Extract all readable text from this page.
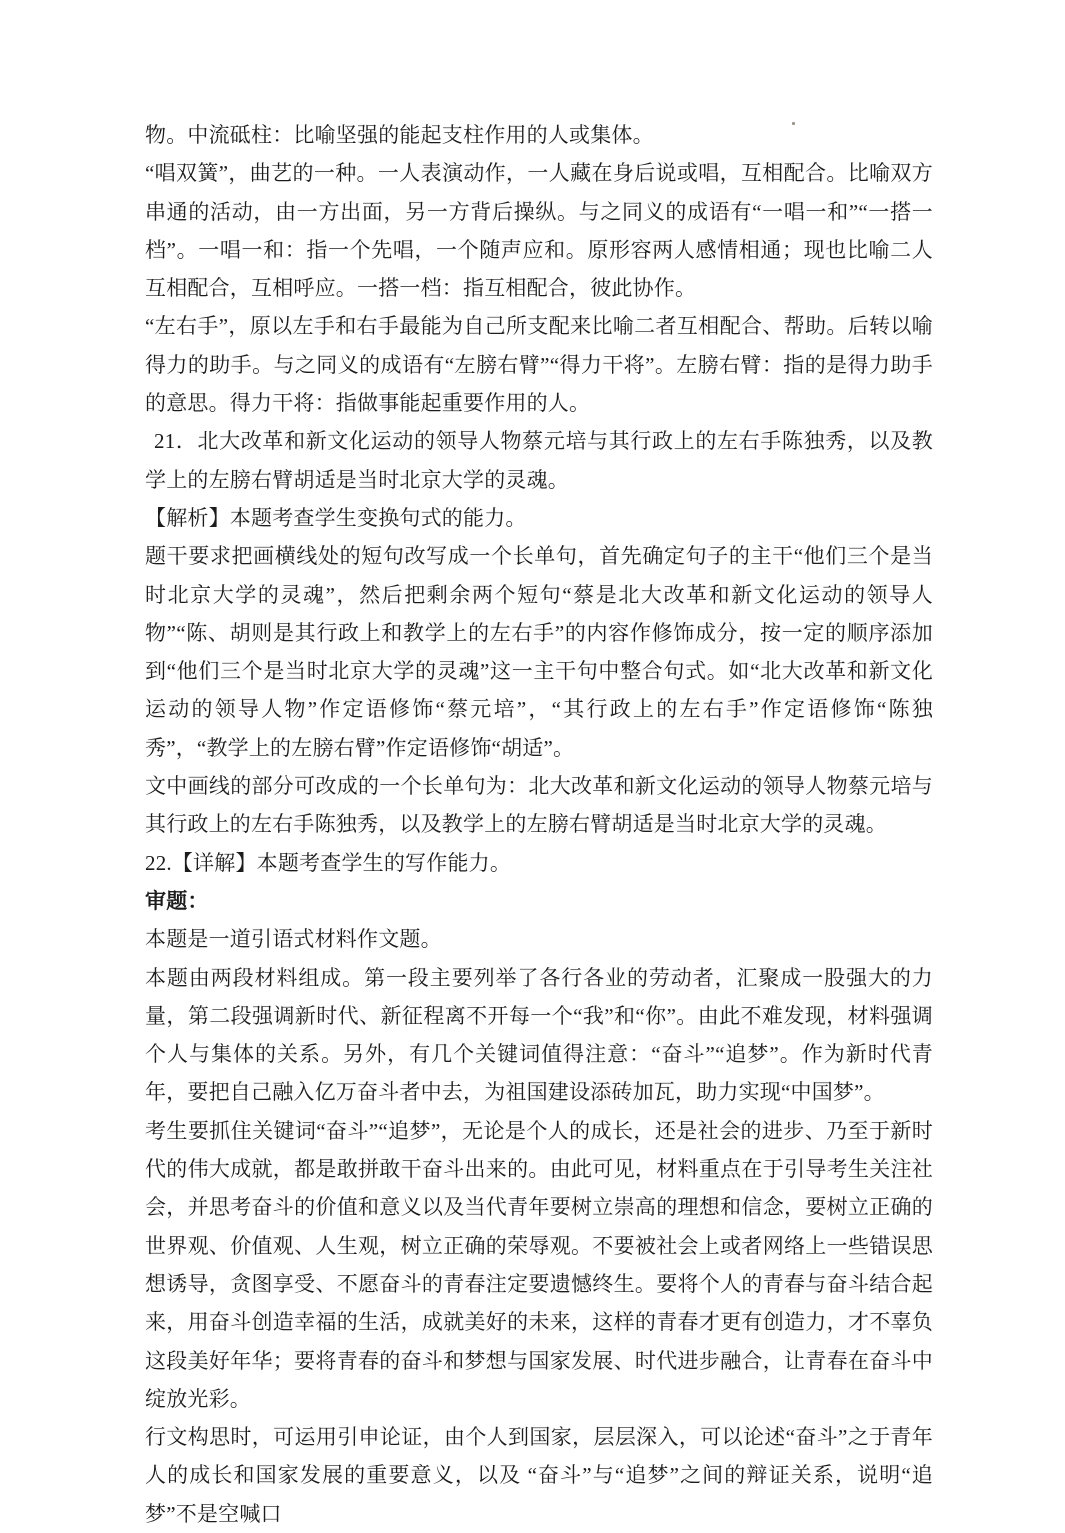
物。中流砥柱：比喻坚强的能起支柱作用的人或集体。

“唱双簧”，曲艺的一种。一人表演动作，一人藏在身后说或唱，互相配合。比喻双方串通的活动，由一方出面，另一方背后操纵。与之同义的成语有“一唱一和”“一搭一档”。一唱一和：指一个先唱，一个随声应和。原形容两人感情相通；现也比喻二人互相配合，互相呼应。一搭一档：指互相配合，彼此协作。

“左右手”，原以左手和右手最能为自己所支配来比喻二者互相配合、帮助。后转以喻得力的助手。与之同义的成语有“左膀右臂”“得力干将”。左膀右臂：指的是得力助手的意思。得力干将：指做事能起重要作用的人。

21．北大改革和新文化运动的领导人物蔡元培与其行政上的左右手陈独秀，以及教学上的左膀右臂胡适是当时北京大学的灵魂。

【解析】本题考查学生变换句式的能力。

题干要求把画横线处的短句改写成一个长单句，首先确定句子的主干“他们三个是当时北京大学的灵魂”，然后把剩余两个短句“蔡是北大改革和新文化运动的领导人物”“陈、胡则是其行政上和教学上的左右手”的内容作修饰成分，按一定的顺序添加到“他们三个是当时北京大学的灵魂”这一主干句中整合句式。如“北大改革和新文化运动的领导人物”作定语修饰“蔡元培”，“其行政上的左右手”作定语修饰“陈独秀”，“教学上的左膀右臂”作定语修饰“胡适”。

文中画线的部分可改成的一个长单句为：北大改革和新文化运动的领导人物蔡元培与其行政上的左右手陈独秀，以及教学上的左膀右臂胡适是当时北京大学的灵魂。

22.【详解】本题考查学生的写作能力。

审题：

本题是一道引语式材料作文题。

本题由两段材料组成。第一段主要列举了各行各业的劳动者，汇聚成一股强大的力量，第二段强调新时代、新征程离不开每一个“我”和“你”。由此不难发现，材料强调个人与集体的关系。另外，有几个关键词值得注意：“奋斗”“追梦”。作为新时代青年，要把自己融入亿万奋斗者中去，为祖国建设添砖加瓦，助力实现“中国梦”。

考生要抓住关键词“奋斗”“追梦”，无论是个人的成长，还是社会的进步、乃至于新时代的伟大成就，都是敢拼敢干奋斗出来的。由此可见，材料重点在于引导考生关注社会，并思考奋斗的价值和意义以及当代青年要树立崇高的理想和信念，要树立正确的世界观、价值观、人生观，树立正确的荣辱观。不要被社会上或者网络上一些错误思想诱导，贪图享受、不愿奋斗的青春注定要遗憾终生。要将个人的青春与奋斗结合起来，用奋斗创造幸福的生活，成就美好的未来，这样的青春才更有创造力，才不辜负这段美好年华；要将青春的奋斗和梦想与国家发展、时代进步融合，让青春在奋斗中绽放光彩。

行文构思时，可运用引申论证，由个人到国家，层层深入，可以论述“奋斗”之于青年人的成长和国家发展的重要意义，以及 “奋斗”与“追梦”之间的辩证关系，说明“追梦”不是空喊口
